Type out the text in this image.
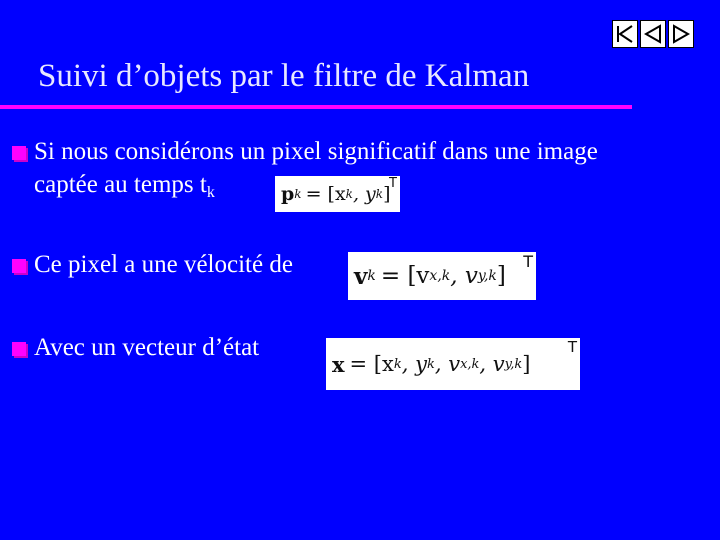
Suivi d’objets par le filtre de Kalman
Si nous considérons un pixel significatif dans une image
captée au temps $t_k$	p k = [x k , y k ]
T
Ce pixel a une vélocité de	v k = [v x,k , v y,k ]
T
Avec un vecteur d’état
x = [x k , y k , v x,k , v y,k ]
T
